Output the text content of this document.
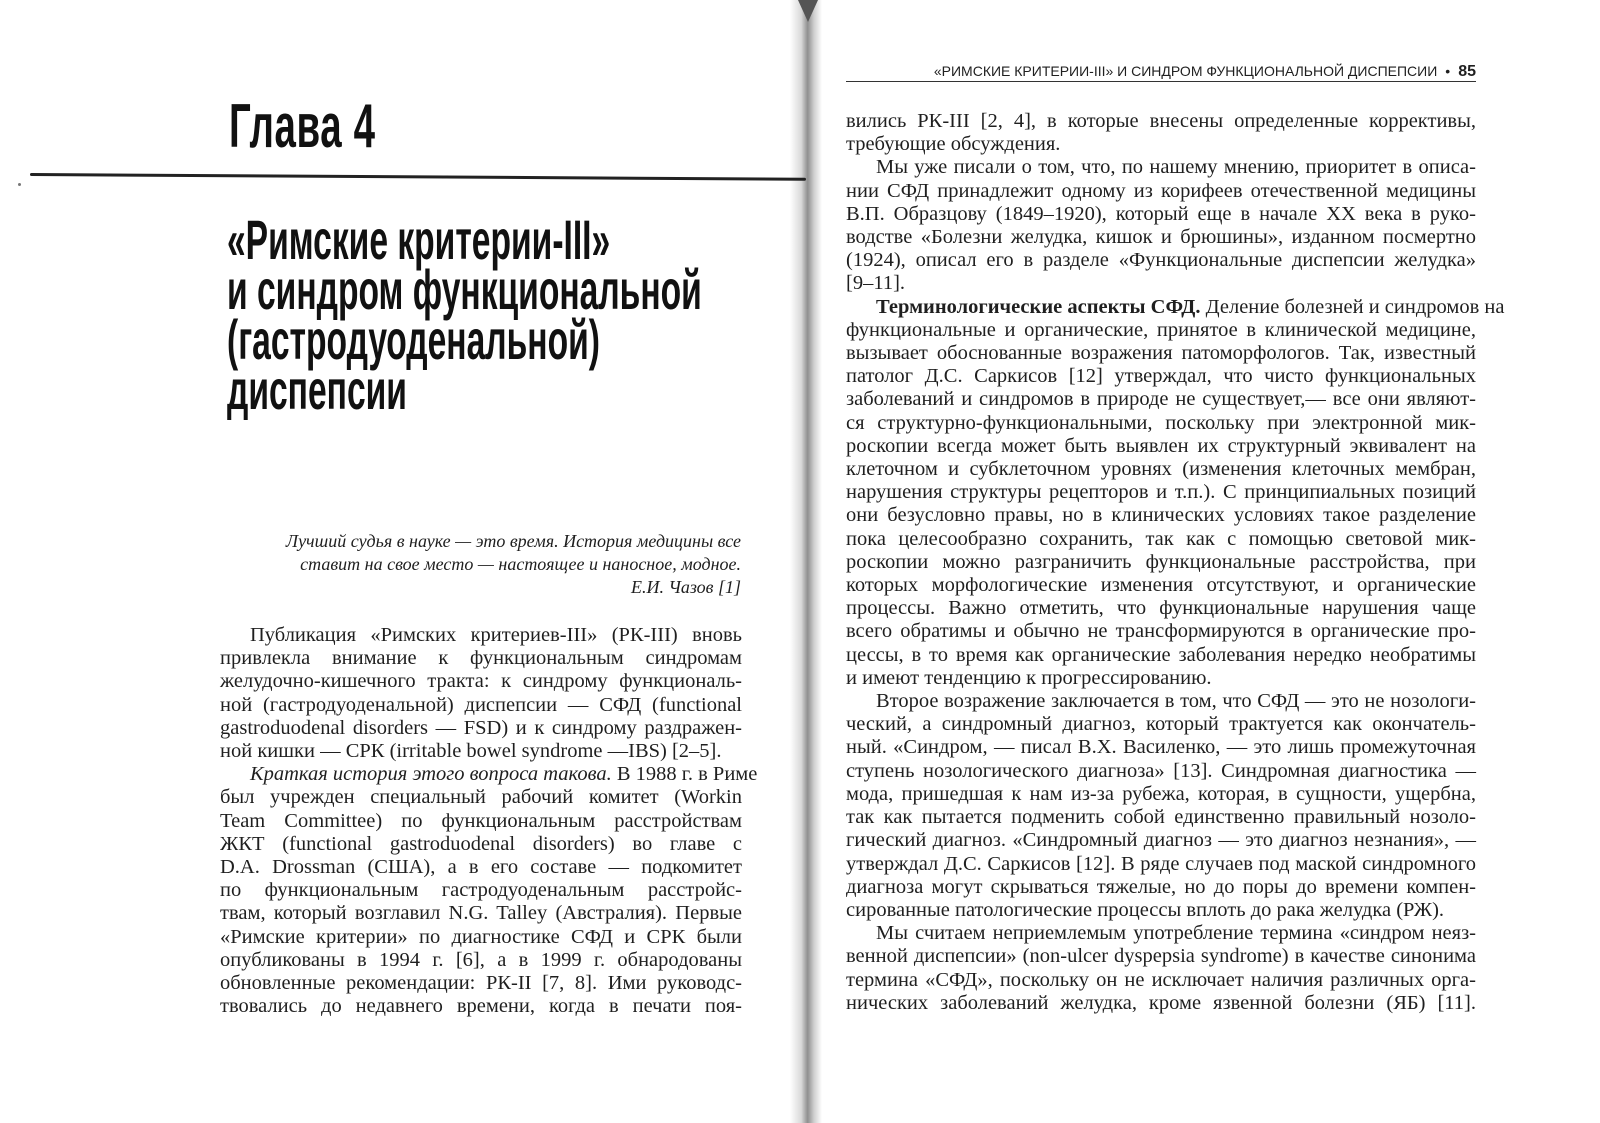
Глава 4
«Римские критерии-III»
и синдром функциональной
(гастродуоденальной)
диспепсии
Лучший судья в науке — это время. История медицины все
ставит на свое место — настоящее и наносное, модное.
Е.И. Чазов [1]
Публикация «Римских критериев-III» (РК-III) вновь
привлекла внимание к функциональным синдромам
желудочно-кишечного тракта: к синдрому функциональ-
ной (гастродуоденальной) диспепсии — СФД (functional
gastroduodenal disorders — FSD) и к синдрому раздражен-
ной кишки — СРК (irritable bowel syndrome —IBS) [2–5].
Краткая история этого вопроса такова. В 1988 г. в Риме
был учрежден специальный рабочий комитет (Workin
Team Committee) по функциональным расстройствам
ЖКТ (functional gastroduodenal disorders) во главе с
D.A. Drossman (США), а в его составе — подкомитет
по функциональным гастродуоденальным расстройс-
твам, который возглавил N.G. Talley (Австралия). Первые
«Римские критерии» по диагностике СФД и СРК были
опубликованы в 1994 г. [6], а в 1999 г. обнародованы
обновленные рекомендации: РК-II [7, 8]. Ими руководс-
твовались до недавнего времени, когда в печати поя-
«РИМСКИЕ КРИТЕРИИ-III» И СИНДРОМ ФУНКЦИОНАЛЬНОЙ ДИСПЕПСИИ • 85
вились РК-III [2, 4], в которые внесены определенные коррективы,
требующие обсуждения.
Мы уже писали о том, что, по нашему мнению, приоритет в описа-
нии СФД принадлежит одному из корифеев отечественной медицины
В.П. Образцову (1849–1920), который еще в начале XX века в руко-
водстве «Болезни желудка, кишок и брюшины», изданном посмертно
(1924), описал его в разделе «Функциональные диспепсии желудка»
[9–11].
Терминологические аспекты СФД. Деление болезней и синдромов на
функциональные и органические, принятое в клинической медицине,
вызывает обоснованные возражения патоморфологов. Так, известный
патолог Д.С. Саркисов [12] утверждал, что чисто функциональных
заболеваний и синдромов в природе не существует,— все они являют-
ся структурно-функциональными, поскольку при электронной мик-
роскопии всегда может быть выявлен их структурный эквивалент на
клеточном и субклеточном уровнях (изменения клеточных мембран,
нарушения структуры рецепторов и т.п.). С принципиальных позиций
они безусловно правы, но в клинических условиях такое разделение
пока целесообразно сохранить, так как с помощью световой мик-
роскопии можно разграничить функциональные расстройства, при
которых морфологические изменения отсутствуют, и органические
процессы. Важно отметить, что функциональные нарушения чаще
всего обратимы и обычно не трансформируются в органические про-
цессы, в то время как органические заболевания нередко необратимы
и имеют тенденцию к прогрессированию.
Второе возражение заключается в том, что СФД — это не нозологи-
ческий, а синдромный диагноз, который трактуется как окончатель-
ный. «Синдром, — писал В.Х. Василенко, — это лишь промежуточная
ступень нозологического диагноза» [13]. Синдромная диагностика —
мода, пришедшая к нам из-за рубежа, которая, в сущности, ущербна,
так как пытается подменить собой единственно правильный нозоло-
гический диагноз. «Синдромный диагноз — это диагноз незнания», —
утверждал Д.С. Саркисов [12]. В ряде случаев под маской синдромного
диагноза могут скрываться тяжелые, но до поры до времени компен-
сированные патологические процессы вплоть до рака желудка (РЖ).
Мы считаем неприемлемым употребление термина «синдром неяз-
венной диспепсии» (non-ulcer dyspepsia syndrome) в качестве синонима
термина «СФД», поскольку он не исключает наличия различных орга-
нических заболеваний желудка, кроме язвенной болезни (ЯБ) [11].
